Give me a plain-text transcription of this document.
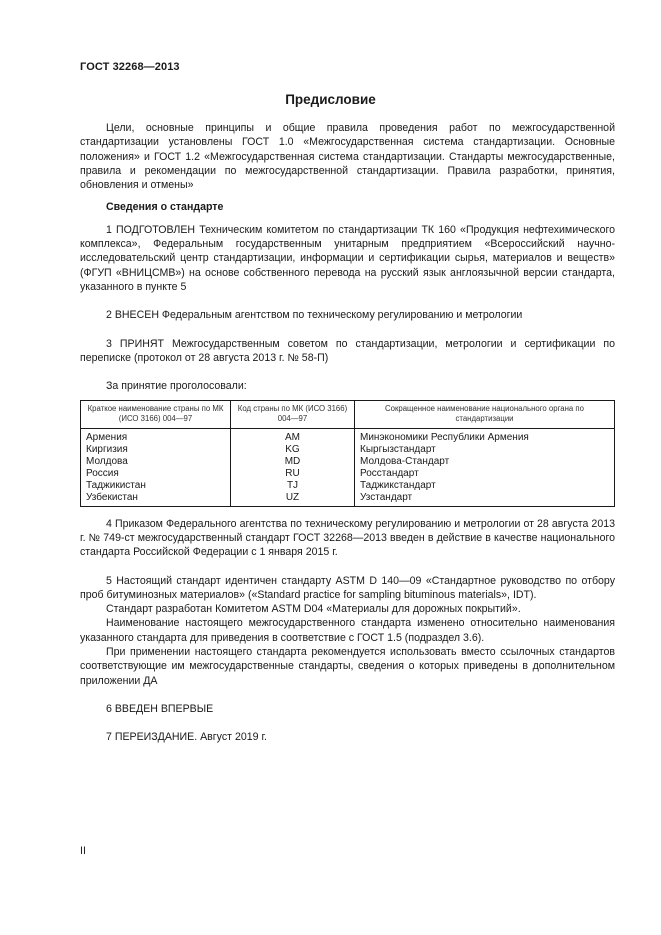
ГОСТ 32268—2013
Предисловие

Цели, основные принципы и общие правила проведения работ по межгосударственной стандартизации установлены ГОСТ 1.0 «Межгосударственная система стандартизации. Основные положения» и ГОСТ 1.2 «Межгосударственная система стандартизации. Стандарты межгосударственные, правила и рекомендации по межгосударственной стандартизации. Правила разработки, принятия, обновления и отмены»

Сведения о стандарте

1 ПОДГОТОВЛЕН Техническим комитетом по стандартизации ТК 160 «Продукция нефтехимического комплекса», Федеральным государственным унитарным предприятием «Всероссийский научно-исследовательский центр стандартизации, информации и сертификации сырья, материалов и веществ» (ФГУП «ВНИЦСМВ») на основе собственного перевода на русский язык англоязычной версии стандарта, указанного в пункте 5

2 ВНЕСЕН Федеральным агентством по техническому регулированию и метрологии

3 ПРИНЯТ Межгосударственным советом по стандартизации, метрологии и сертификации по переписке (протокол от 28 августа 2013 г. № 58-П)

За принятие проголосовали:

Краткое наименование страны по МК (ИСО 3166) 004—97	Код страны по МК (ИСО 3166) 004—97	Сокращенное наименование национального органа по стандартизации
Армения	AM	Минэкономики Республики Армения
Киргизия	KG	Кыргызстандарт
Молдова	MD	Молдова-Стандарт
Россия	RU	Росстандарт
Таджикистан	TJ	Таджикстандарт
Узбекистан	UZ	Узстандарт

4 Приказом Федерального агентства по техническому регулированию и метрологии от 28 августа 2013 г. № 749-ст межгосударственный стандарт ГОСТ 32268—2013 введен в действие в качестве национального стандарта Российской Федерации с 1 января 2015 г.

5 Настоящий стандарт идентичен стандарту ASTM D 140—09 «Стандартное руководство по отбору проб битуминозных материалов» («Standard practice for sampling bituminous materials», IDT).

Стандарт разработан Комитетом ASTM D04 «Материалы для дорожных покрытий».

Наименование настоящего межгосударственного стандарта изменено относительно наименования указанного стандарта для приведения в соответствие с ГОСТ 1.5 (подраздел 3.6).

При применении настоящего стандарта рекомендуется использовать вместо ссылочных стандартов соответствующие им межгосударственные стандарты, сведения о которых приведены в дополнительном приложении ДА

6 ВВЕДЕН ВПЕРВЫЕ

7 ПЕРЕИЗДАНИЕ. Август 2019 г.

II
